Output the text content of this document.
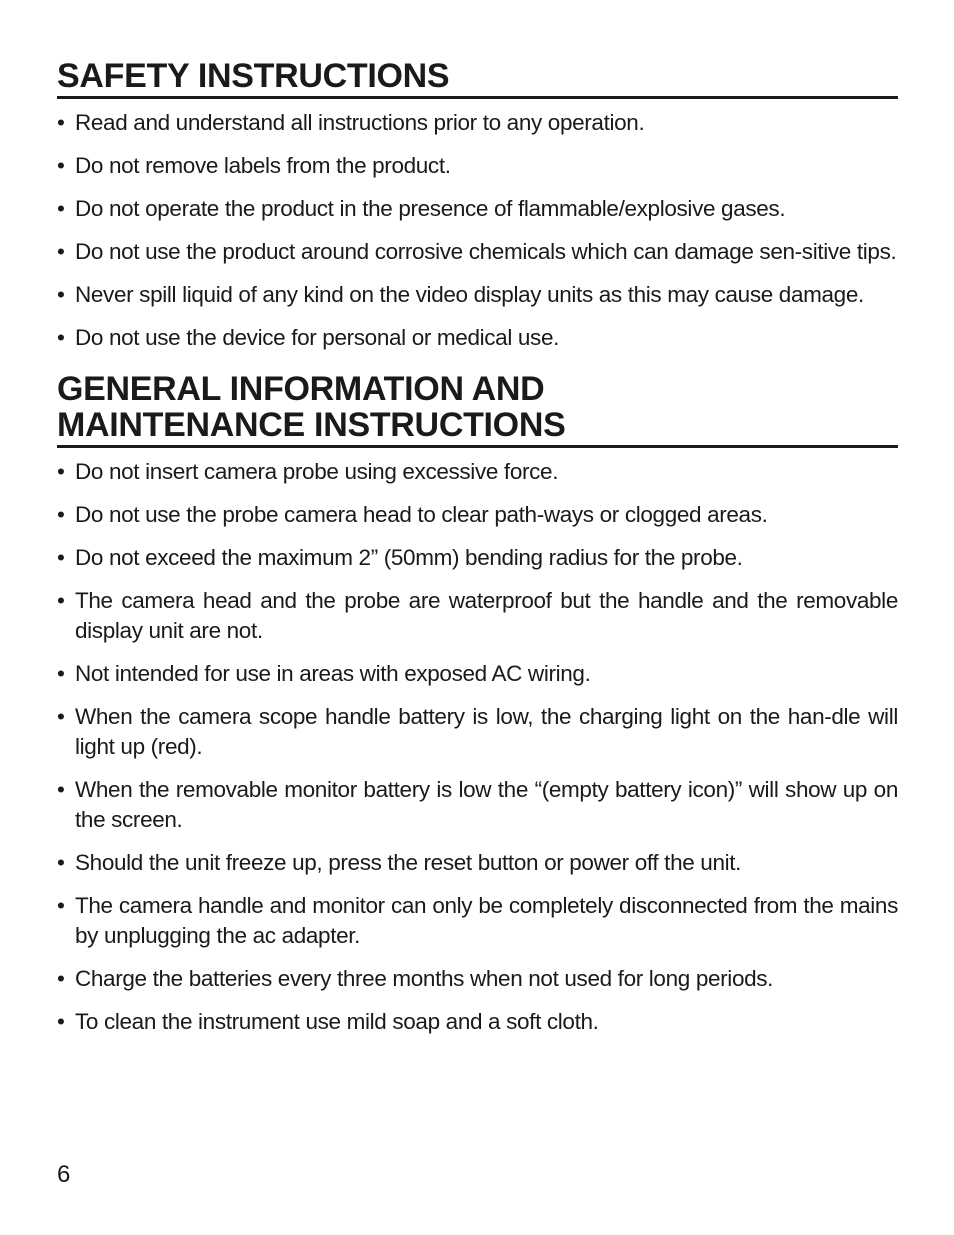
SAFETY INSTRUCTIONS
• Read and understand all instructions prior to any operation.
• Do not remove labels from the product.
• Do not operate the product in the presence of flammable/explosive gases.
• Do not use the product around corrosive chemicals which can damage sen-sitive tips.
• Never spill liquid of any kind on the video display units as this may cause damage.
• Do not use the device for personal or medical use.
GENERAL INFORMATION AND
MAINTENANCE INSTRUCTIONS
• Do not insert camera probe using excessive force.
• Do not use the probe camera head to clear path-ways or clogged areas.
• Do not exceed the maximum 2” (50mm) bending radius for the probe.
• The camera head and the probe are waterproof but the handle and the removable display unit are not.
• Not intended for use in areas with exposed AC wiring.
• When the camera scope handle battery is low, the charging light on the han-dle will light up (red).
• When the removable monitor battery is low the “(empty battery icon)” will show up on the screen.
• Should the unit freeze up, press the reset button or power off the unit.
• The camera handle and monitor can only be completely disconnected from the mains by unplugging the ac adapter.
• Charge the batteries every three months when not used for long periods.
• To clean the instrument use mild soap and a soft cloth.
6
